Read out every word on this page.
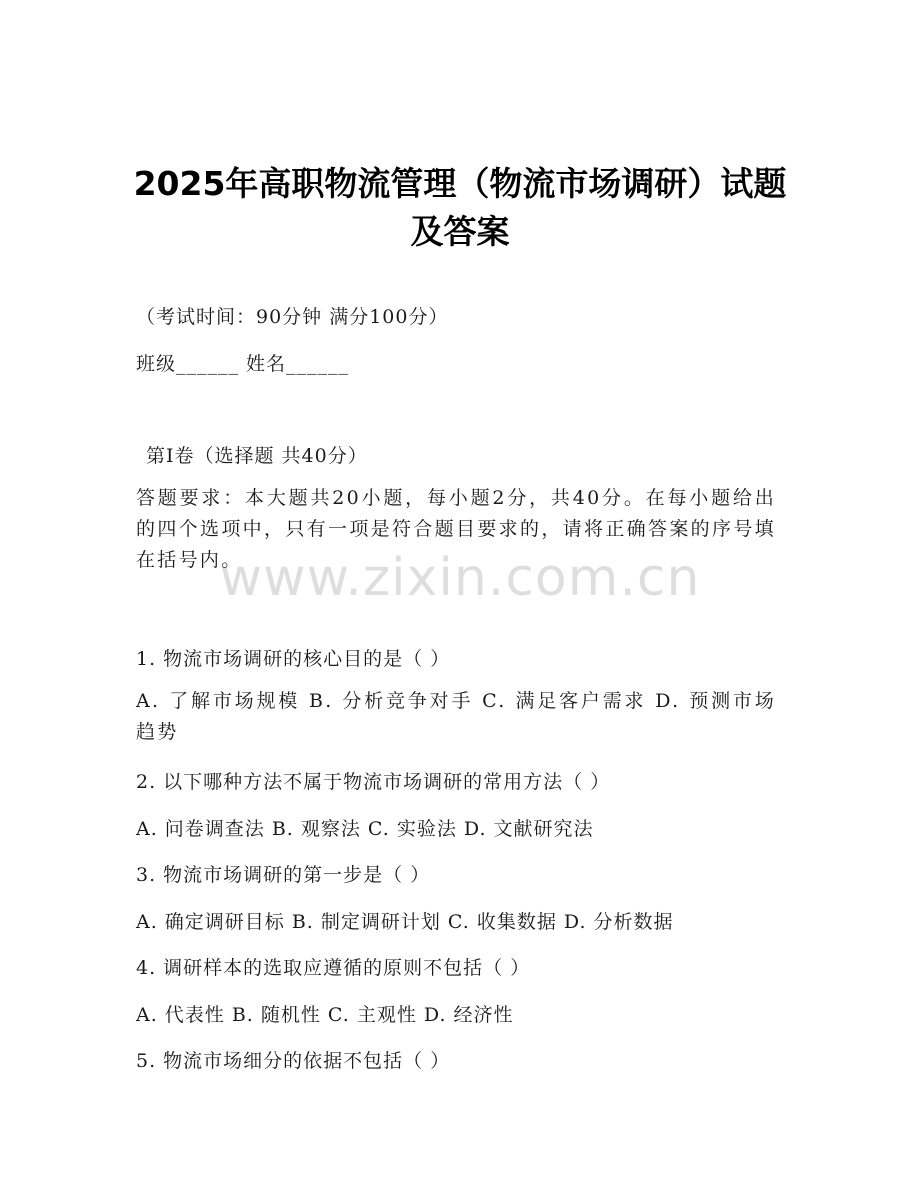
2025年高职物流管理（物流市场调研）试题
及答案
（考试时间：90分钟 满分100分）
班级______ 姓名______
第Ⅰ卷（选择题 共40分）
答题要求：本大题共20小题，每小题2分，共40分。在每小题给出的四个选项中，只有一项是符合题目要求的，请将正确答案的序号填在括号内。
www.zixin.com.cn
1. 物流市场调研的核心目的是（ ）
A. 了解市场规模 B. 分析竞争对手 C. 满足客户需求 D. 预测市场趋势
2. 以下哪种方法不属于物流市场调研的常用方法（ ）
A. 问卷调查法 B. 观察法 C. 实验法 D. 文献研究法
3. 物流市场调研的第一步是（ ）
A. 确定调研目标 B. 制定调研计划 C. 收集数据 D. 分析数据
4. 调研样本的选取应遵循的原则不包括（ ）
A. 代表性 B. 随机性 C. 主观性 D. 经济性
5. 物流市场细分的依据不包括（ ）
